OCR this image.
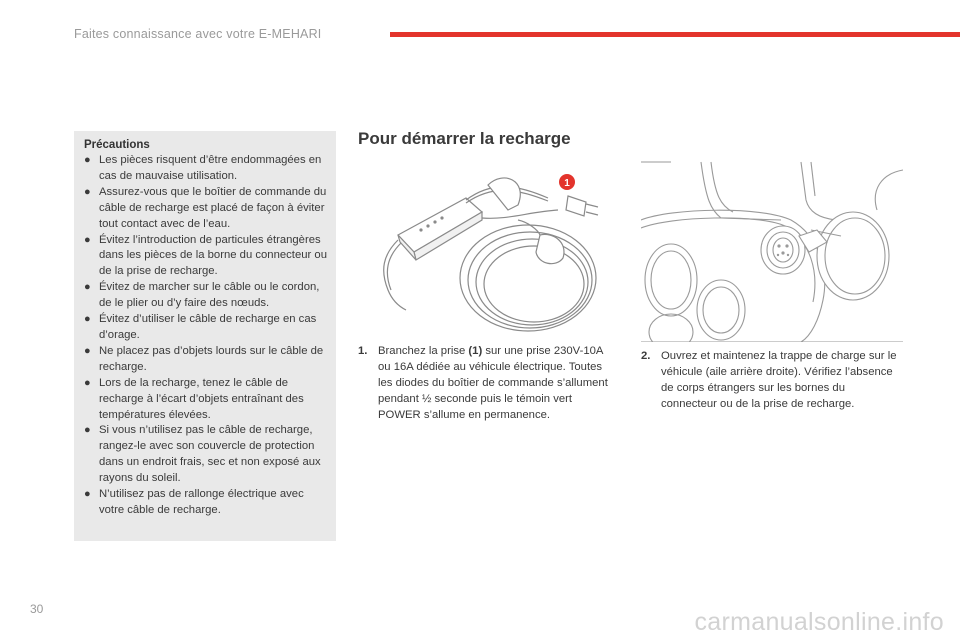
Faites connaissance avec votre E-MEHARI
Précautions
● Les pièces risquent d’être endommagées en cas de mauvaise utilisation.
● Assurez-vous que le boîtier de commande du câble de recharge est placé de façon à éviter tout contact avec de l’eau.
● Évitez l’introduction de particules étrangères dans les pièces de la borne du connecteur ou de la prise de recharge.
● Évitez de marcher sur le câble ou le cordon, de le plier ou d’y faire des nœuds.
● Évitez d’utiliser le câble de recharge en cas d’orage.
● Ne placez pas d’objets lourds sur le câble de recharge.
● Lors de la recharge, tenez le câble de recharge à l’écart d’objets entraînant des températures élevées.
● Si vous n’utilisez pas le câble de recharge, rangez-le avec son couvercle de protection dans un endroit frais, sec et non exposé aux rayons du soleil.
● N’utilisez pas de rallonge électrique avec votre câble de recharge.
Pour démarrer la recharge
1
1. Branchez la prise (1) sur une prise 230V-10A ou 16A dédiée au véhicule électrique. Toutes les diodes du boîtier de commande s’allument pendant ½ seconde puis le témoin vert POWER s’allume en permanence.
2. Ouvrez et maintenez la trappe de charge sur le véhicule (aile arrière droite). Vérifiez l’absence de corps étrangers sur les bornes du connecteur ou de la prise de recharge.
30	carmanualsonline.info
